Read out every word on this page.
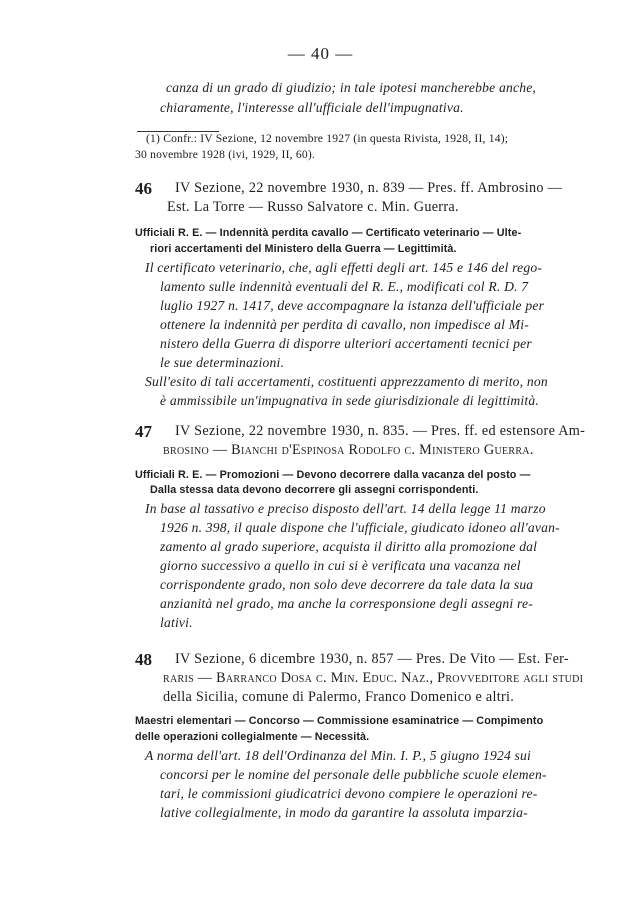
— 40 —
canza di un grado di giudizio; in tale ipotesi mancherebbe anche,
chiaramente, l'interesse all'ufficiale dell'impugnativa.
(1) Confr.: IV Sezione, 12 novembre 1927 (in questa Rivista, 1928, II, 14);
30 novembre 1928 (ivi, 1929, II, 60).
46 IV Sezione, 22 novembre 1930, n. 839 — Pres. ff. Ambrosino —
Est. La Torre — Russo Salvatore c. Min. Guerra.
Ufficiali R. E. — Indennità perdita cavallo — Certificato veterinario — Ulte-
riori accertamenti del Ministero della Guerra — Legittimità.
Il certificato veterinario, che, agli effetti degli art. 145 e 146 del rego-
lamento sulle indennità eventuali del R. E., modificati col R. D. 7
luglio 1927 n. 1417, deve accompagnare la istanza dell'ufficiale per
ottenere la indennità per perdita di cavallo, non impedisce al Mi-
nistero della Guerra di disporre ulteriori accertamenti tecnici per
le sue determinazioni.
Sull'esito di tali accertamenti, costituenti apprezzamento di merito, non
è ammissibile un'impugnativa in sede giurisdizionale di legittimità.
47 IV Sezione, 22 novembre 1930, n. 835. — Pres. ff. ed estensore Am-
brosino — Bianchi d'Espinosa Rodolfo c. Ministero Guerra.
Ufficiali R. E. — Promozioni — Devono decorrere dalla vacanza del posto —
Dalla stessa data devono decorrere gli assegni corrispondenti.
In base al tassativo e preciso disposto dell'art. 14 della legge 11 marzo
1926 n. 398, il quale dispone che l'ufficiale, giudicato idoneo all'avan-
zamento al grado superiore, acquista il diritto alla promozione dal
giorno successivo a quello in cui si è verificata una vacanza nel
corrispondente grado, non solo deve decorrere da tale data la sua
anzianità nel grado, ma anche la corresponsione degli assegni re-
lativi.
48 IV Sezione, 6 dicembre 1930, n. 857 — Pres. De Vito — Est. Fer-
raris — Barranco Dosa c. Min. Educ. Naz., Provveditore agli studi
della Sicilia, comune di Palermo, Franco Domenico e altri.
Maestri elementari — Concorso — Commissione esaminatrice — Compimento
delle operazioni collegialmente — Necessità.
A norma dell'art. 18 dell'Ordinanza del Min. I. P., 5 giugno 1924 sui
concorsi per le nomine del personale delle pubbliche scuole elemen-
tari, le commissioni giudicatrici devono compiere le operazioni re-
lative collegialmente, in modo da garantire la assoluta imparzia-
